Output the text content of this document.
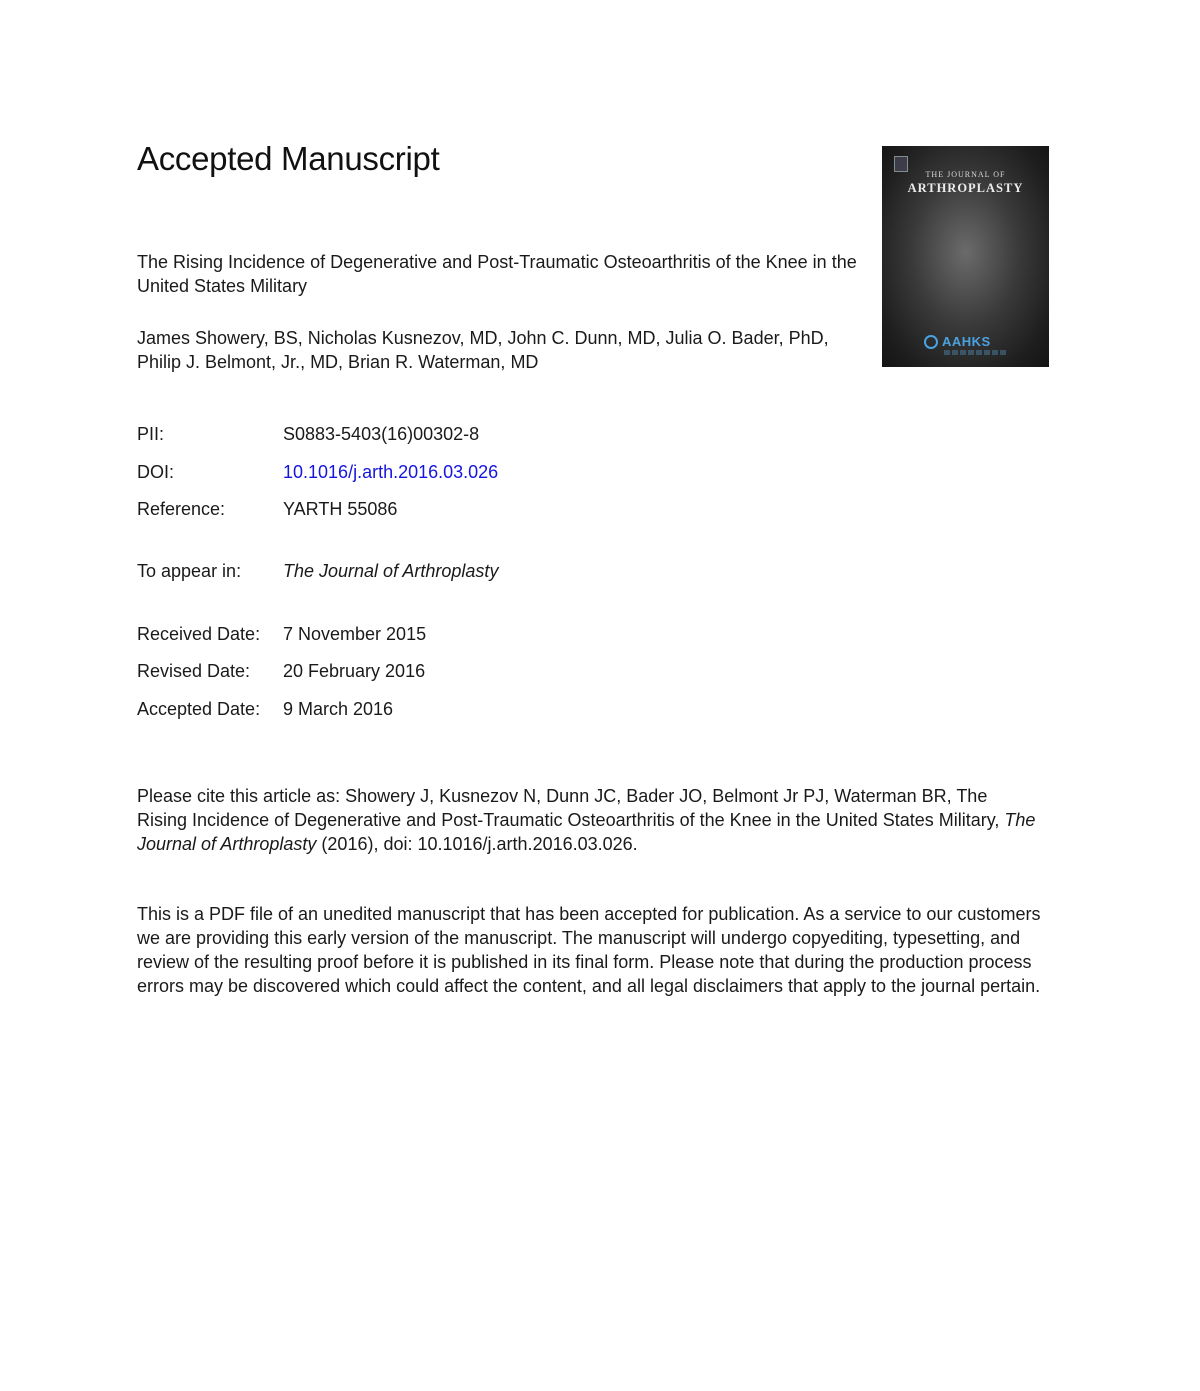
Accepted Manuscript	THE JOURNAL OF
ARTHROPLASTY
AAHKS

The Rising Incidence of Degenerative and Post-Traumatic Osteoarthritis of the Knee in the United States Military

James Showery, BS, Nicholas Kusnezov, MD, John C. Dunn, MD, Julia O. Bader, PhD, Philip J. Belmont, Jr., MD, Brian R. Waterman, MD

PII:	S0883-5403(16)00302-8
DOI:	10.1016/j.arth.2016.03.026
Reference:	YARTH 55086
To appear in: The Journal of Arthroplasty
Received Date: 7 November 2015
Revised Date: 20 February 2016
Accepted Date: 9 March 2016

Please cite this article as: Showery J, Kusnezov N, Dunn JC, Bader JO, Belmont Jr PJ, Waterman BR, The Rising Incidence of Degenerative and Post-Traumatic Osteoarthritis of the Knee in the United States Military, The Journal of Arthroplasty (2016), doi: 10.1016/j.arth.2016.03.026.

This is a PDF file of an unedited manuscript that has been accepted for publication. As a service to our customers we are providing this early version of the manuscript. The manuscript will undergo copyediting, typesetting, and review of the resulting proof before it is published in its final form. Please note that during the production process errors may be discovered which could affect the content, and all legal disclaimers that apply to the journal pertain.
